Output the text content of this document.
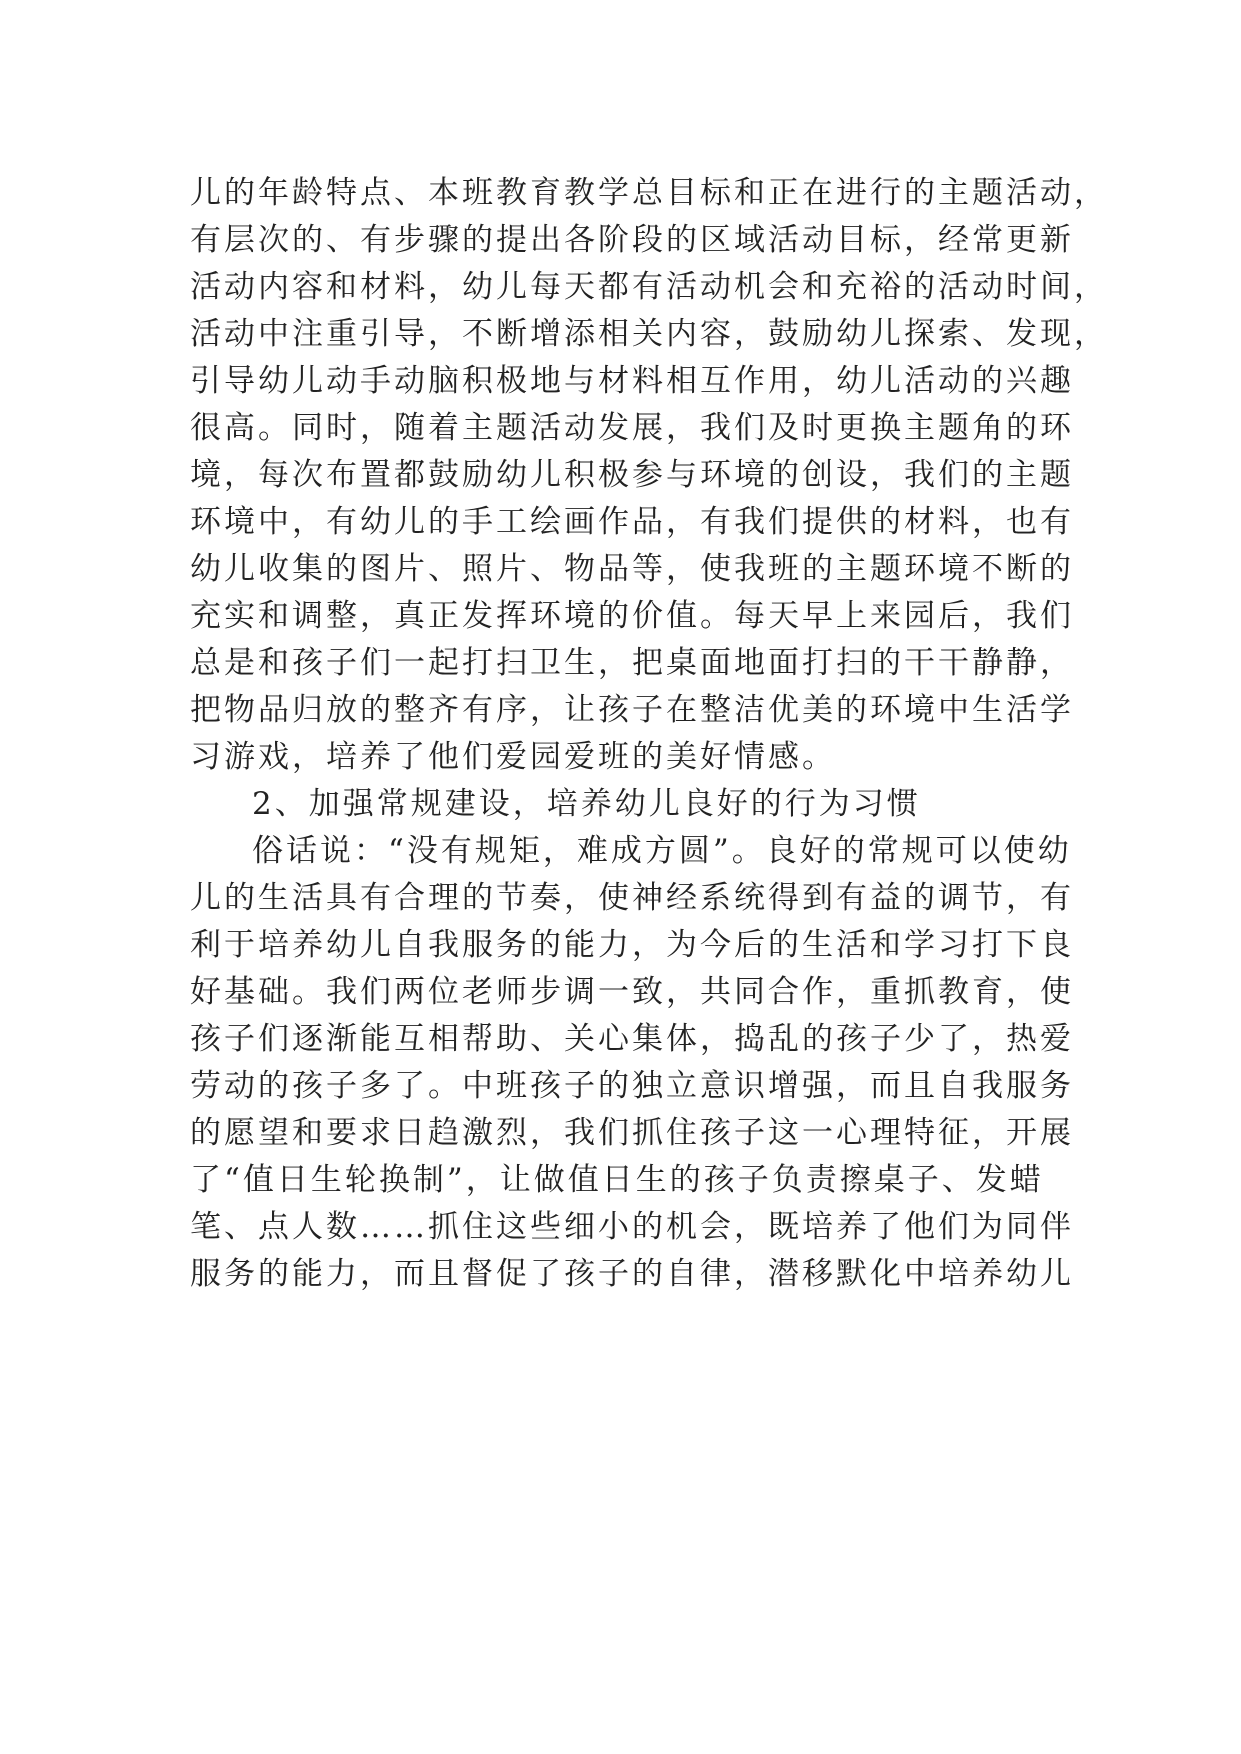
儿的年龄特点、本班教育教学总目标和正在进行的主题活动，
有层次的、有步骤的提出各阶段的区域活动目标，经常更新
活动内容和材料，幼儿每天都有活动机会和充裕的活动时间，
活动中注重引导，不断增添相关内容，鼓励幼儿探索、发现，
引导幼儿动手动脑积极地与材料相互作用，幼儿活动的兴趣
很高。同时，随着主题活动发展，我们及时更换主题角的环
境，每次布置都鼓励幼儿积极参与环境的创设，我们的主题
环境中，有幼儿的手工绘画作品，有我们提供的材料，也有
幼儿收集的图片、照片、物品等，使我班的主题环境不断的
充实和调整，真正发挥环境的价值。每天早上来园后，我们
总是和孩子们一起打扫卫生，把桌面地面打扫的干干静静，
把物品归放的整齐有序，让孩子在整洁优美的环境中生活学
习游戏，培养了他们爱园爱班的美好情感。
2、加强常规建设，培养幼儿良好的行为习惯
俗话说：“没有规矩，难成方圆”。良好的常规可以使幼
儿的生活具有合理的节奏，使神经系统得到有益的调节，有
利于培养幼儿自我服务的能力，为今后的生活和学习打下良
好基础。我们两位老师步调一致，共同合作，重抓教育，使
孩子们逐渐能互相帮助、关心集体，捣乱的孩子少了，热爱
劳动的孩子多了。中班孩子的独立意识增强，而且自我服务
的愿望和要求日趋激烈，我们抓住孩子这一心理特征，开展
了“值日生轮换制”，让做值日生的孩子负责擦桌子、发蜡
笔、点人数……抓住这些细小的机会，既培养了他们为同伴
服务的能力，而且督促了孩子的自律，潜移默化中培养幼儿
